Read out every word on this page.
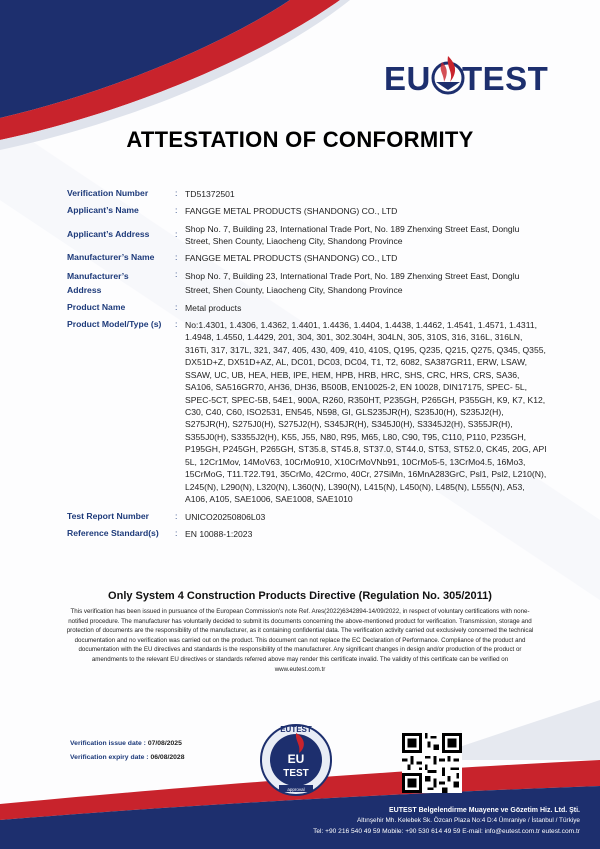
EU TEST
ATTESTATION OF CONFORMITY
Verification Number	: TD51372501
Applicant’s Name	: FANGGE METAL PRODUCTS (SHANDONG) CO., LTD
Applicant’s Address	: Shop No. 7, Building 23, International Trade Port, No. 189 Zhenxing Street East, Donglu Street, Shen County, Liaocheng City, Shandong Province
Manufacturer’s Name	: FANGGE METAL PRODUCTS (SHANDONG) CO., LTD
Manufacturer’s Address
: Shop No. 7, Building 23, International Trade Port, No. 189 Zhenxing Street East, Donglu Street, Shen County, Liaocheng City, Shandong Province
Product Name	: Metal products
Product Model/Type (s)	: No:1.4301, 1.4306, 1.4362, 1.4401, 1.4436, 1.4404, 1.4438, 1.4462, 1.4541, 1.4571, 1.4311, 1.4948, 1.4550, 1.4429, 201, 304, 301, 302.304H, 304LN, 305, 310S, 316, 316L, 316LN, 316Ti, 317, 317L, 321, 347, 405, 430, 409, 410, 410S, Q195, Q235, Q215, Q275, Q345, Q355, DX51D+Z, DX51D+AZ, AL, DC01, DC03, DC04, T1, T2, 6082, SA387GR11, ERW, LSAW, SSAW, UC, UB, HEA, HEB, IPE, HEM, HPB, HRB, HRC, SHS, CRC, HRS, CRS, SA36, SA106, SA516GR70, AH36, DH36, B500B, EN10025-2, EN 10028, DIN17175, SPEC- 5L, SPEC-5CT, SPEC-5B, 54E1, 900A, R260, R350HT, P235GH, P265GH, P355GH, K9, K7, K12, C30, C40, C60, ISO2531, EN545, N598, GI, GLS235JR(H), S235J0(H), S235J2(H), S275JR(H), S275J0(H), S275J2(H), S345JR(H), S345J0(H), S3345J2(H), S355JR(H), S355J0(H), S3355J2(H), K55, J55, N80, R95, M65, L80, C90, T95, C110, P110, P235GH, P195GH, P245GH, P265GH, ST35.8, ST45.8, ST37.0, ST44.0, ST53, ST52.0, CK45, 20G, API 5L, 12Cr1Mov, 14MoV63, 10CrMo910, X10CrMoVNb91, 10CrMo5-5, 13CrMo4.5, 16Mo3, 15CrMoG, T11.T22.T91, 35CrMo, 42Crmo, 40Cr, 27SiMn, 16MnA283GrC, Psl1, Psl2, L210(N), L245(N), L290(N), L320(N), L360(N), L390(N), L415(N), L450(N), L485(N), L555(N), A53, A106, A105, SAE1006, SAE1008, SAE1010
Test Report Number	: UNICO20250806L03
Reference Standard(s)	: EN 10088-1:2023
Only System 4 Construction Products Directive (Regulation No. 305/2011)
This verification has been issued in pursuance of the European Commission’s note Ref. Ares(2022)6342894-14/09/2022, in respect of voluntary certifications with none-notified procedure. The manufacturer has voluntarily decided to submit its documents concerning the above-mentioned product for verification. Transmission, storage and protection of documents are the responsibility of the manufacturer, as it containing confidential data. The verification activity carried out exclusively concerned the technical documentation and no verification was carried out on the product. This document can not replace the EC Declaration of Performance. Compliance of the product and documentation with the EU directives and standards is the responsibility of the manufacturer. Any significant changes in design and/or production of the product or amendments to the relevant EU directives or standards referred above may render this certificate invalid. The validity of this certificate can be verified on www.eutest.com.tr
Verification issue date : 07/08/2025
Verification expiry date : 06/08/2028
EUTEST
EU
TEST
approval
EUTEST Belgelendirme Muayene ve Gözetim Hiz. Ltd. Şti.
Altınşehir Mh. Kelebek Sk. Özcan Plaza No:4 D:4 Ümraniye / İstanbul / Türkiye
Tel: +90 216 540 49 59 Mobile: +90 530 614 49 59 E-mail: info@eutest.com.tr eutest.com.tr
